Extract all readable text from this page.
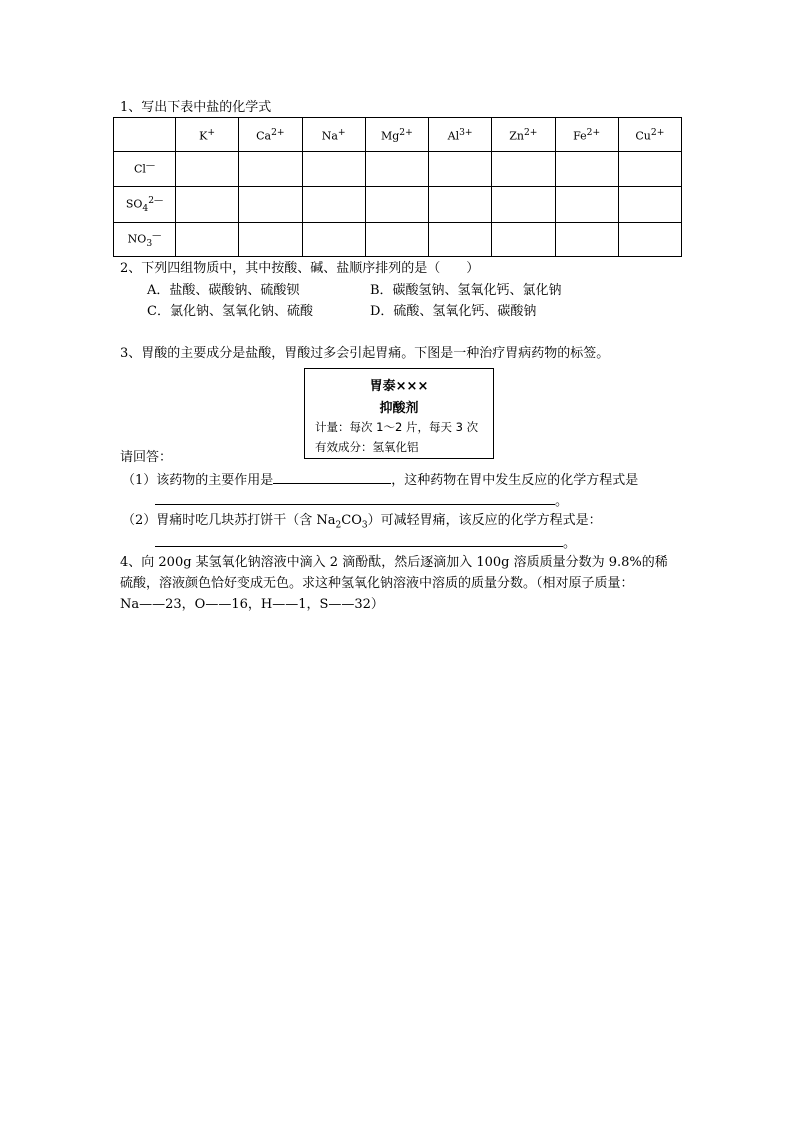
1、写出下表中盐的化学式
	K+	$Ca^{2+}$	Na+	$Mg^{2+}$	$Al^{3+}$	$Zn^{2+}$	$Fe^{2+}$	$Cu^{2+}$
Cl—								
$SO_4^{2—}$								
$NO_3^—$								
2、下列四组物质中，其中按酸、碱、盐顺序排列的是（　　）
A．盐酸、碳酸钠、硫酸钡	B．碳酸氢钠、氢氧化钙、氯化钠
C．氯化钠、氢氧化钠、硫酸	D．硫酸、氢氧化钙、碳酸钠
3、胃酸的主要成分是盐酸，胃酸过多会引起胃痛。下图是一种治疗胃病药物的标签。
胃泰×××
抑酸剂
计量：每次 1～2 片，每天 3 次
有效成分：氢氧化铝
请回答：
（1）该药物的主要作用是	，这种药物在胃中发生反应的化学方程式是
。
（2）胃痛时吃几块苏打饼干（含 $Na_2CO_3$）可减轻胃痛，该反应的化学方程式是：
。
4、向 200g 某氢氧化钠溶液中滴入 2 滴酚酞，然后逐滴加入 100g 溶质质量分数为 9.8%的稀
硫酸，溶液颜色恰好变成无色。求这种氢氧化钠溶液中溶质的质量分数。（相对原子质量：
Na——23，O——16，H——1，S——32）
